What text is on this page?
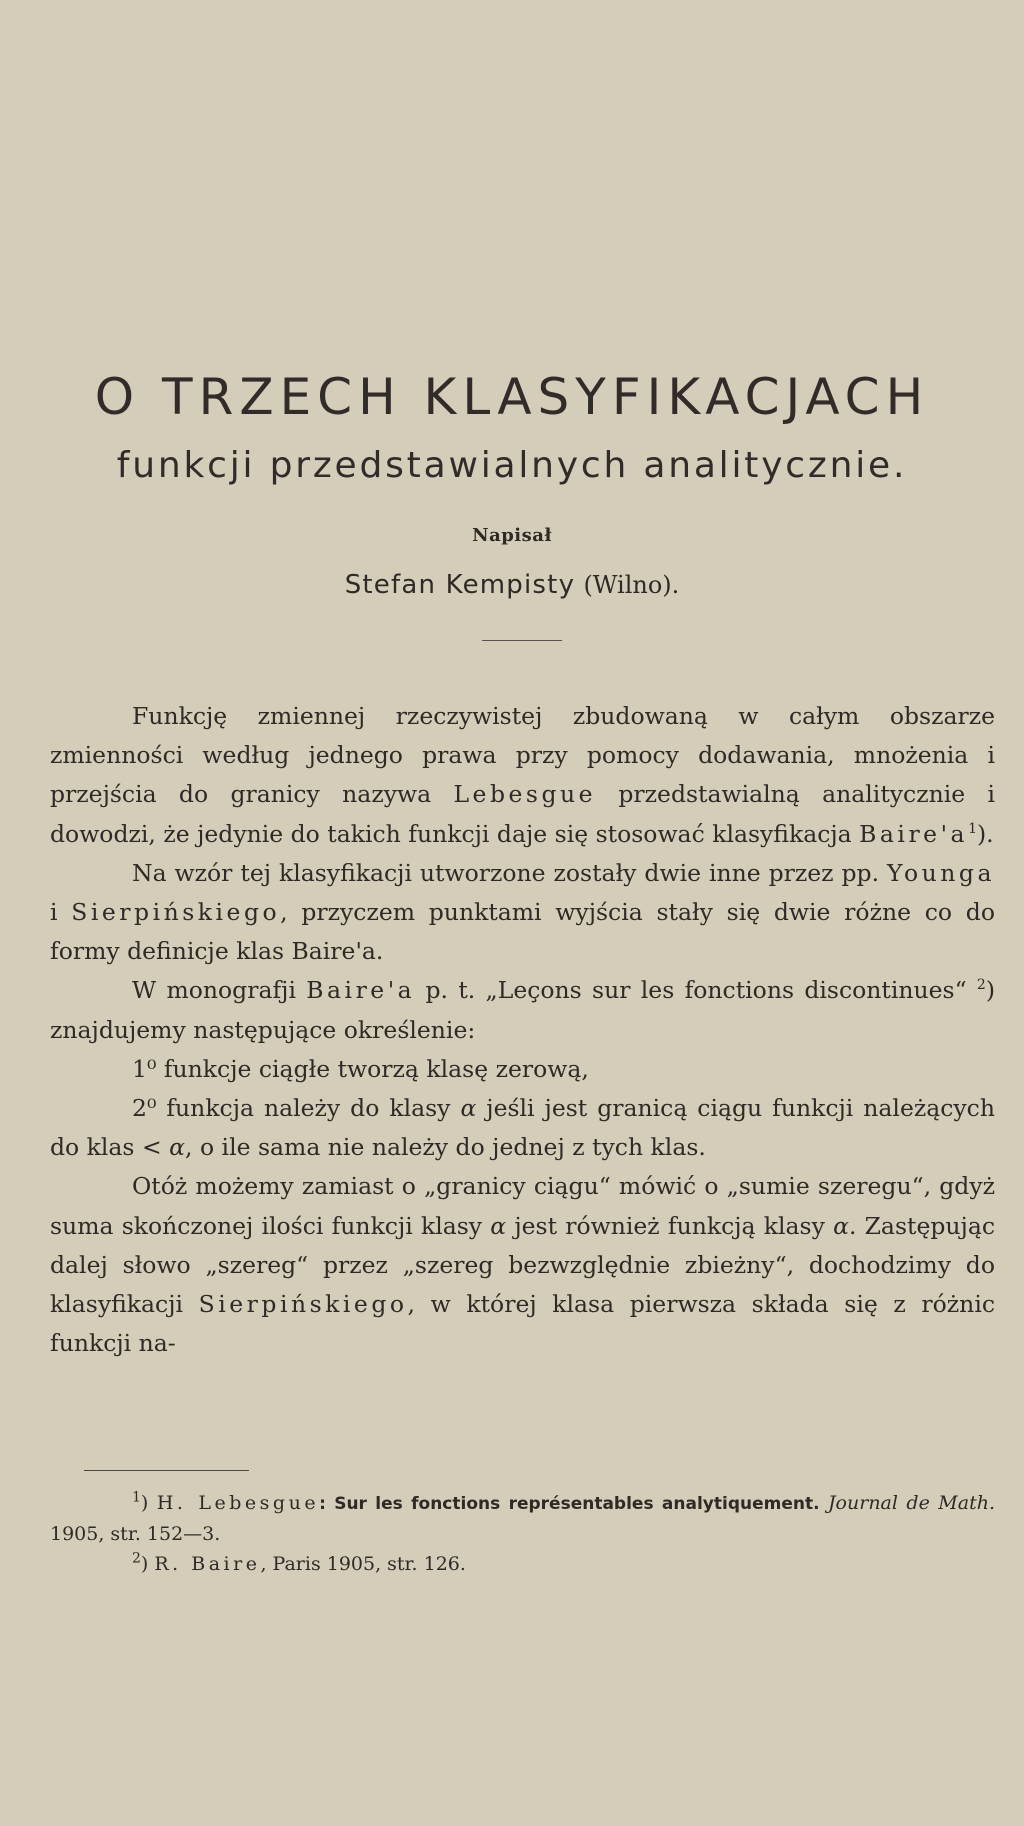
O TRZECH KLASYFIKACJACH
funkcji przedstawialnych analitycznie.
Napisał
Stefan Kempisty (Wilno).

Funkcję zmiennej rzeczywistej zbudowaną w całym obszarze zmienności według jednego prawa przy pomocy dodawania, mnożenia i przejścia do granicy nazywa Lebesgue przedstawialną analitycznie i dowodzi, że jedynie do takich funkcji daje się stosować klasyfikacja $Baire'a^1$).

Na wzór tej klasyfikacji utworzone zostały dwie inne przez pp. Younga i Sierpińskiego, przyczem punktami wyjścia stały się dwie różne co do formy definicje klas Baire'a.

W monografji Baire'a p. t. „Leçons sur les fonctions discontinues“ $^2$) znajdujemy następujące określenie:

1⁰ funkcje ciągłe tworzą klasę zerową,

2⁰ funkcja należy do klasy α jeśli jest granicą ciągu funkcji należących do klas < α, o ile sama nie należy do jednej z tych klas.

Otóż możemy zamiast o „granicy ciągu“ mówić o „sumie szeregu“, gdyż suma skończonej ilości funkcji klasy α jest również funkcją klasy α. Zastępując dalej słowo „szereg“ przez „szereg bezwzględnie zbieżny“, dochodzimy do klasyfikacji Sierpińskiego, w której klasa pierwsza składa się z różnic funkcji na-

$^1$) H. Lebesgue: Sur les fonctions représentables analytiquement. Journal de Math. 1905, str. 152—3.

$^2$) R. Baire, Paris 1905, str. 126.
